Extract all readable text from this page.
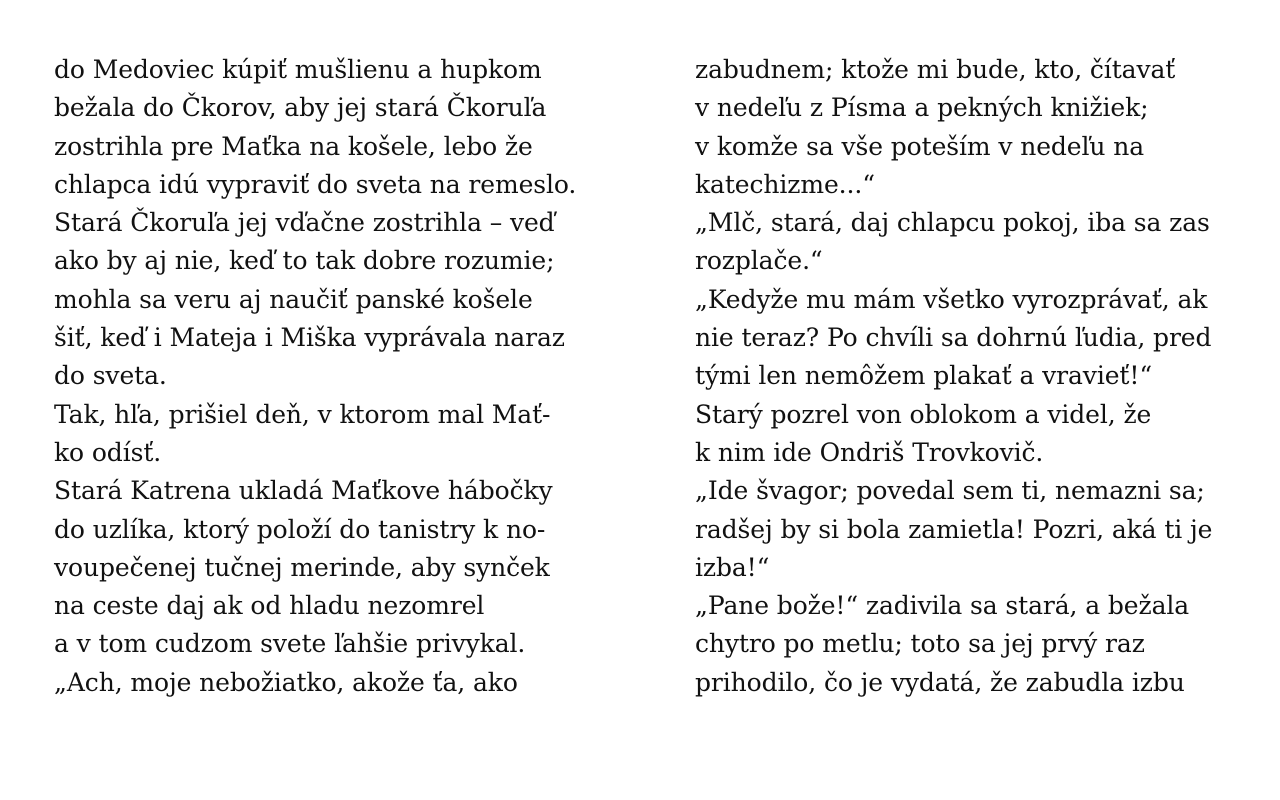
do Medoviec kúpiť mušlienu a hupkom
bežala do Čkorov, aby jej stará Čkoruľa
zostrihla pre Maťka na košele, lebo že
chlapca idú vypraviť do sveta na remeslo.
Stará Čkoruľa jej vďačne zostrihla – veď
ako by aj nie, keď to tak dobre rozumie;
mohla sa veru aj naučiť panské košele
šiť, keď i Mateja i Miška vyprávala naraz
do sveta.
Tak, hľa, prišiel deň, v ktorom mal Mať-
ko odísť.
Stará Katrena ukladá Maťkove hábočky
do uzlíka, ktorý položí do tanistry k no-
voupečenej tučnej merinde, aby synček
na ceste daj ak od hladu nezomrel
a v tom cudzom svete ľahšie privykal.
„Ach, moje nebožiatko, akože ťa, ako
zabudnem; ktože mi bude, kto, čítavať
v nedeľu z Písma a pekných knižiek;
v komže sa vše poteším v nedeľu na
katechizme...“
„Mlč, stará, daj chlapcu pokoj, iba sa zas
rozplače.“
„Kedyže mu mám všetko vyrozprávať, ak
nie teraz? Po chvíli sa dohrnú ľudia, pred
tými len nemôžem plakať a vravieť!“
Starý pozrel von oblokom a videl, že
k nim ide Ondriš Trovkovič.
„Ide švagor; povedal sem ti, nemazni sa;
radšej by si bola zamietla! Pozri, aká ti je
izba!“
„Pane bože!“ zadivila sa stará, a bežala
chytro po metlu; toto sa jej prvý raz
prihodilo, čo je vydatá, že zabudla izbu
